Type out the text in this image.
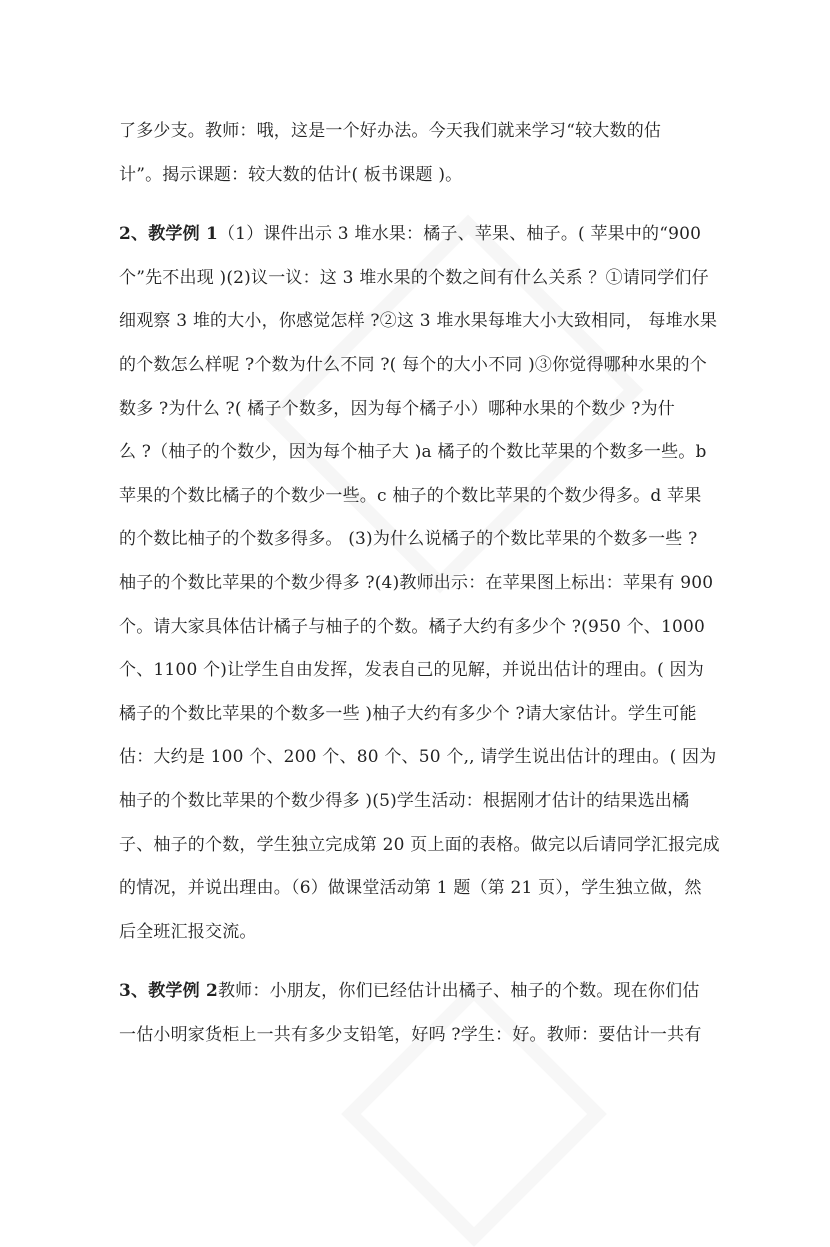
了多少支。教师：哦，这是一个好办法。今天我们就来学习“较大数的估
计”。揭示课题：较大数的估计( 板书课题 )。
2、教学例 1（1）课件出示 3 堆水果：橘子、苹果、柚子。( 苹果中的“900
个”先不出现 )(2)议一议：这 3 堆水果的个数之间有什么关系 ？①请同学们仔
细观察 3 堆的大小，你感觉怎样 ?②这 3 堆水果每堆大小大致相同， 每堆水果
的个数怎么样呢 ?个数为什么不同 ?( 每个的大小不同 )③你觉得哪种水果的个
数多 ?为什么 ?( 橘子个数多，因为每个橘子小）哪种水果的个数少 ?为什
么 ?（柚子的个数少，因为每个柚子大 )a 橘子的个数比苹果的个数多一些。b
苹果的个数比橘子的个数少一些。c 柚子的个数比苹果的个数少得多。d 苹果
的个数比柚子的个数多得多。 (3)为什么说橘子的个数比苹果的个数多一些 ?
柚子的个数比苹果的个数少得多 ?(4)教师出示：在苹果图上标出：苹果有 900
个。请大家具体估计橘子与柚子的个数。橘子大约有多少个 ?(950 个、1000
个、1100 个)让学生自由发挥，发表自己的见解，并说出估计的理由。( 因为
橘子的个数比苹果的个数多一些 )柚子大约有多少个 ?请大家估计。学生可能
估：大约是 100 个、200 个、80 个、50 个,, 请学生说出估计的理由。( 因为
柚子的个数比苹果的个数少得多 )(5)学生活动：根据刚才估计的结果选出橘
子、柚子的个数，学生独立完成第 20 页上面的表格。做完以后请同学汇报完成
的情况，并说出理由。（6）做课堂活动第 1 题（第 21 页），学生独立做，然
后全班汇报交流。
3、教学例 2教师：小朋友，你们已经估计出橘子、柚子的个数。现在你们估
一估小明家货柜上一共有多少支铅笔，好吗 ?学生：好。教师：要估计一共有
